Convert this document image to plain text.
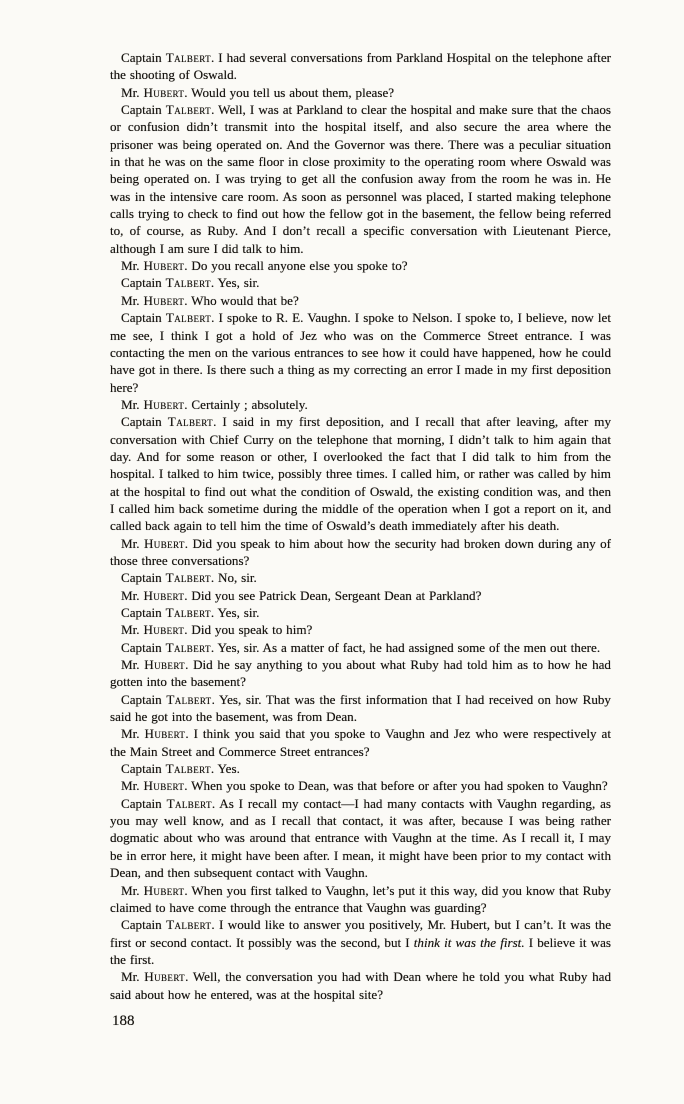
Captain Talbert. I had several conversations from Parkland Hospital on the telephone after the shooting of Oswald.

Mr. Hubert. Would you tell us about them, please?

Captain Talbert. Well, I was at Parkland to clear the hospital and make sure that the chaos or confusion didn’t transmit into the hospital itself, and also secure the area where the prisoner was being operated on. And the Governor was there. There was a peculiar situation in that he was on the same floor in close proximity to the operating room where Oswald was being operated on. I was trying to get all the confusion away from the room he was in. He was in the intensive care room. As soon as personnel was placed, I started making telephone calls trying to check to find out how the fellow got in the basement, the fellow being referred to, of course, as Ruby. And I don’t recall a specific conversation with Lieutenant Pierce, although I am sure I did talk to him.

Mr. Hubert. Do you recall anyone else you spoke to?

Captain Talbert. Yes, sir.

Mr. Hubert. Who would that be?

Captain Talbert. I spoke to R. E. Vaughn. I spoke to Nelson. I spoke to, I believe, now let me see, I think I got a hold of Jez who was on the Commerce Street entrance. I was contacting the men on the various entrances to see how it could have happened, how he could have got in there. Is there such a thing as my correcting an error I made in my first deposition here?

Mr. Hubert. Certainly ; absolutely.

Captain Talbert. I said in my first deposition, and I recall that after leaving, after my conversation with Chief Curry on the telephone that morning, I didn’t talk to him again that day. And for some reason or other, I overlooked the fact that I did talk to him from the hospital. I talked to him twice, possibly three times. I called him, or rather was called by him at the hospital to find out what the condition of Oswald, the existing condition was, and then I called him back sometime during the middle of the operation when I got a report on it, and called back again to tell him the time of Oswald’s death immediately after his death.

Mr. Hubert. Did you speak to him about how the security had broken down during any of those three conversations?

Captain Talbert. No, sir.

Mr. Hubert. Did you see Patrick Dean, Sergeant Dean at Parkland?

Captain Talbert. Yes, sir.

Mr. Hubert. Did you speak to him?

Captain Talbert. Yes, sir. As a matter of fact, he had assigned some of the men out there.

Mr. Hubert. Did he say anything to you about what Ruby had told him as to how he had gotten into the basement?

Captain Talbert. Yes, sir. That was the first information that I had received on how Ruby said he got into the basement, was from Dean.

Mr. Hubert. I think you said that you spoke to Vaughn and Jez who were respectively at the Main Street and Commerce Street entrances?

Captain Talbert. Yes.

Mr. Hubert. When you spoke to Dean, was that before or after you had spoken to Vaughn?

Captain Talbert. As I recall my contact—I had many contacts with Vaughn regarding, as you may well know, and as I recall that contact, it was after, because I was being rather dogmatic about who was around that entrance with Vaughn at the time. As I recall it, I may be in error here, it might have been after. I mean, it might have been prior to my contact with Dean, and then subsequent contact with Vaughn.

Mr. Hubert. When you first talked to Vaughn, let’s put it this way, did you know that Ruby claimed to have come through the entrance that Vaughn was guarding?

Captain Talbert. I would like to answer you positively, Mr. Hubert, but I can’t. It was the first or second contact. It possibly was the second, but I think it was the first. I believe it was the first.

Mr. Hubert. Well, the conversation you had with Dean where he told you what Ruby had said about how he entered, was at the hospital site?

188
